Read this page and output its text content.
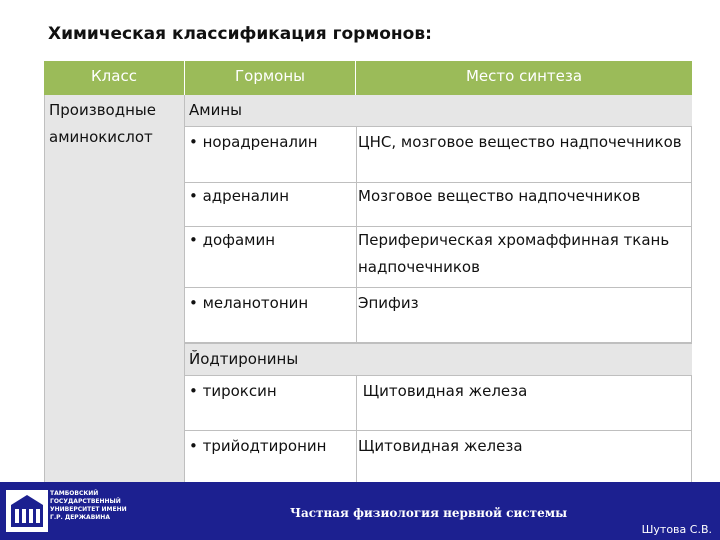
Химическая классификация гормонов:
Класс	Гормоны	Место синтеза
Производные аминокислот
Амины
• норадреналин	ЦНС, мозговое вещество надпочечников
• адреналин	Мозговое вещество надпочечников
• дофамин	Периферическая хромаффинная ткань надпочечников
• меланотонин	Эпифиз
Йодтиронины
• тироксин	Щитовидная железа
• трийодтиронин Щитовидная железа
ТАМБОВСКИЙ ГОСУДАРСТВЕННЫЙ УНИВЕРСИТЕТ ИМЕНИ Г.Р. ДЕРЖАВИНА	Частная физиология нервной системы
Шутова С.В.
